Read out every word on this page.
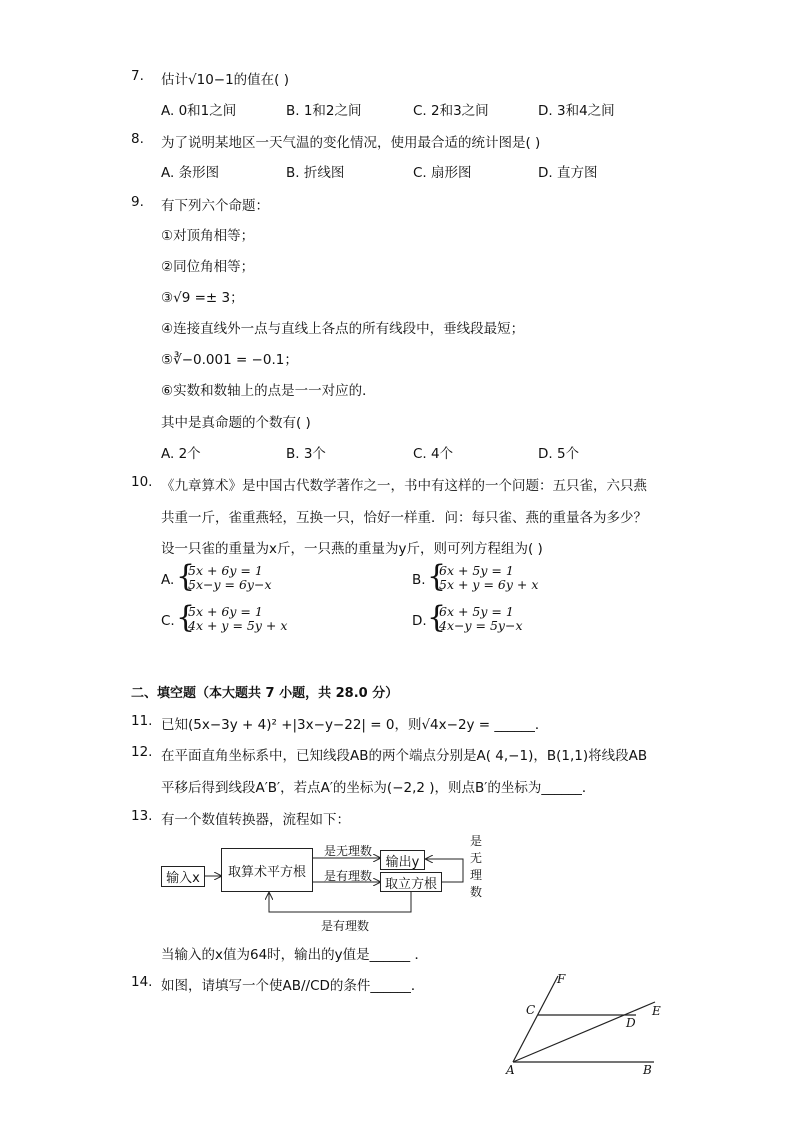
7. 估计√10−1的值在( )
A. 0和1之间	B. 1和2之间	C. 2和3之间	D. 3和4之间
8. 为了说明某地区一天气温的变化情况，使用最合适的统计图是( )
A. 条形图	B. 折线图	C. 扇形图	D. 直方图
9. 有下列六个命题：
①对顶角相等；
②同位角相等；
③√9 =± 3；
④连接直线外一点与直线上各点的所有线段中，垂线段最短；
⑤∛−0.001 = −0.1；
⑥实数和数轴上的点是一一对应的．
其中是真命题的个数有( )
A. 2个	B. 3个	C. 4个	D. 5个
10. 《九章算术》是中国古代数学著作之一，书中有这样的一个问题：五只雀，六只燕
共重一斤，雀重燕轻，互换一只，恰好一样重．问：每只雀、燕的重量各为多少？
设一只雀的重量为x斤，一只燕的重量为y斤，则可列方程组为( )
A. {
5x + 6y = 1
5x−y = 6y−x	B. {
6x + 5y = 1
5x + y = 6y + x
C. {
5x + 6y = 1
4x + y = 5y + x	D. {
6x + 5y = 1
4x−y = 5y−x
二、填空题（本大题共 7 小题，共 28.0 分）
11. 已知(5x−3y + 4)² +|3x−y−22| = 0，则√4x−2y = ______．
12. 在平面直角坐标系中，已知线段AB的两个端点分别是A( 4,−1)，B(1,1)将线段AB
平移后得到线段A′B′，若点A′的坐标为(−2,2 )，则点B′的坐标为______．
13. 有一个数值转换器，流程如下：
输入x	取算术平方根
输出y
取立方根
是无理数
是有理数
是有理数
是
无
理
数
当输入的x值为64时，输出的y值是______ ．
14. 如图，请填写一个使AB//CD的条件______．
A	B
C
D
E
F
